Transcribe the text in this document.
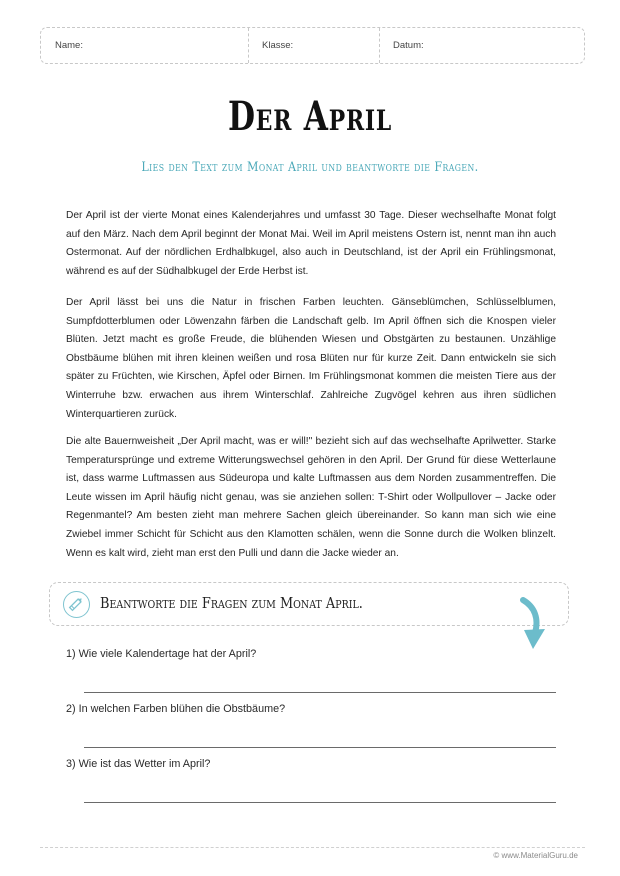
Name:	Klasse:	Datum:
Der April
Lies den Text zum Monat April und beantworte die Fragen.

Der April ist der vierte Monat eines Kalenderjahres und umfasst 30 Tage. Dieser wechselhafte Monat folgt auf den März. Nach dem April beginnt der Monat Mai. Weil im April meistens Ostern ist, nennt man ihn auch Ostermonat. Auf der nördlichen Erdhalbkugel, also auch in Deutschland, ist der April ein Frühlingsmonat, während es auf der Südhalbkugel der Erde Herbst ist.

Der April lässt bei uns die Natur in frischen Farben leuchten. Gänseblümchen, Schlüsselblumen, Sumpfdotterblumen oder Löwenzahn färben die Landschaft gelb. Im April öffnen sich die Knospen vieler Blüten. Jetzt macht es große Freude, die blühenden Wiesen und Obstgärten zu bestaunen. Unzählige Obstbäume blühen mit ihren kleinen weißen und rosa Blüten nur für kurze Zeit. Dann entwickeln sie sich später zu Früchten, wie Kirschen, Äpfel oder Birnen. Im Frühlingsmonat kommen die meisten Tiere aus der Winterruhe bzw. erwachen aus ihrem Winterschlaf. Zahlreiche Zugvögel kehren aus ihren südlichen Winterquartieren zurück.

Die alte Bauernweisheit „Der April macht, was er will!" bezieht sich auf das wechselhafte Aprilwetter. Starke Temperatursprünge und extreme Witterungswechsel gehören in den April. Der Grund für diese Wetterlaune ist, dass warme Luftmassen aus Südeuropa und kalte Luftmassen aus dem Norden zusammentreffen. Die Leute wissen im April häufig nicht genau, was sie anziehen sollen: T-Shirt oder Wollpullover – Jacke oder Regenmantel? Am besten zieht man mehrere Sachen gleich übereinander. So kann man sich wie eine Zwiebel immer Schicht für Schicht aus den Klamotten schälen, wenn die Sonne durch die Wolken blinzelt. Wenn es kalt wird, zieht man erst den Pulli und dann die Jacke wieder an.

Beantworte die Fragen zum Monat April.
1) Wie viele Kalendertage hat der April?
2) In welchen Farben blühen die Obstbäume?
3) Wie ist das Wetter im April?
© www.MaterialGuru.de
